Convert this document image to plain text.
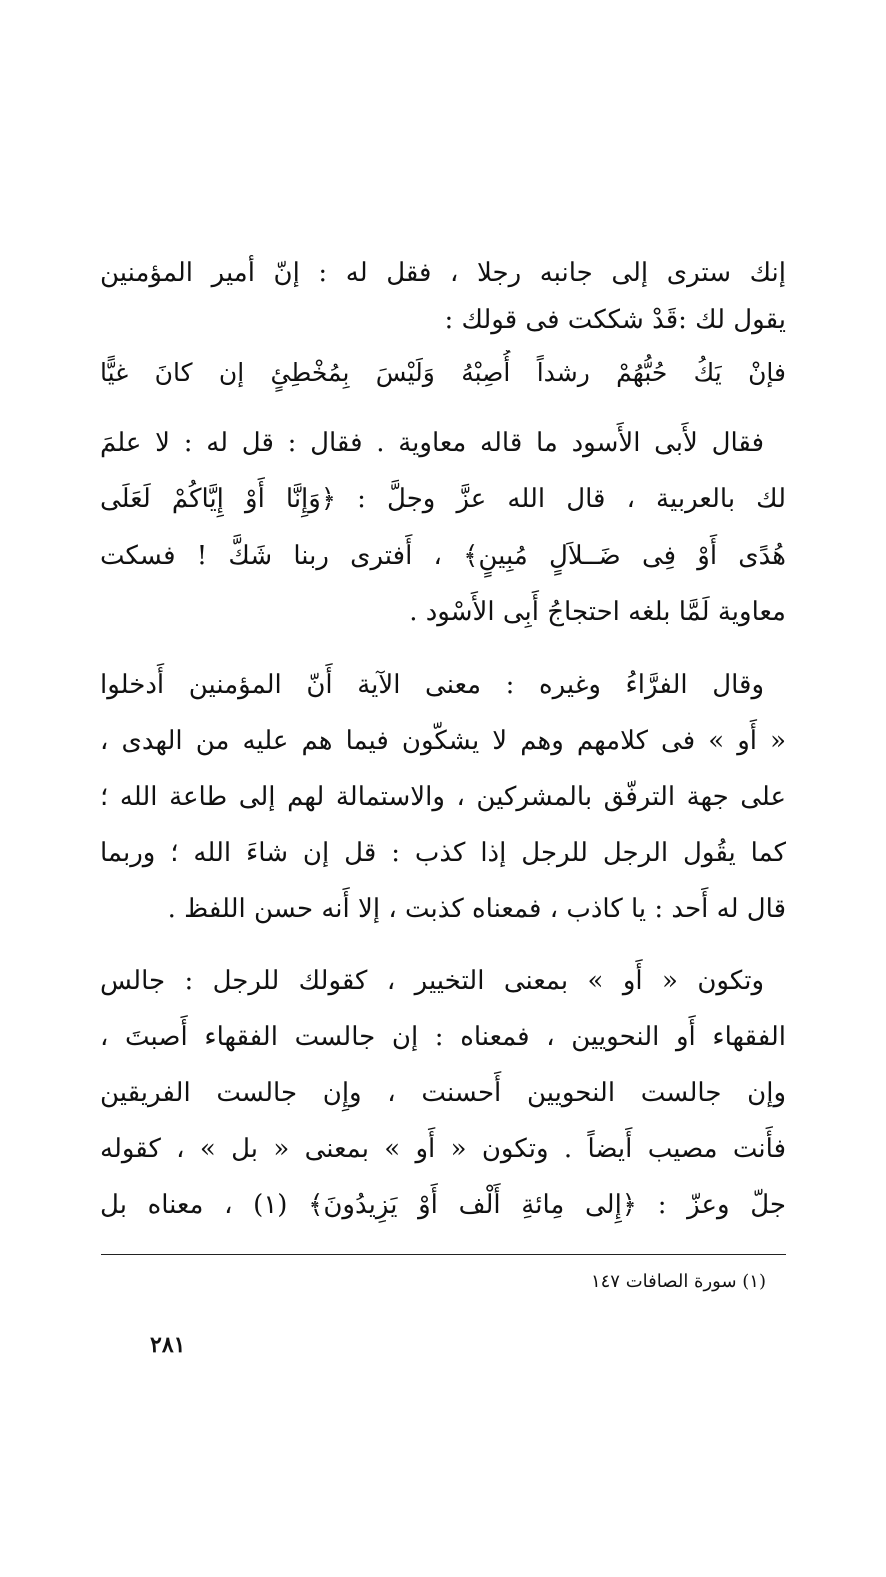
إنك سترى إلى جانبه رجلا ، فقل له : إنّ أمير المؤمنين
يقول لك :قَدْ شككت فى قولك :
فإنْ يَكُ حُبُّهُمْ رشداً أُصِبْهُ وَلَيْسَ بِمُخْطِئٍ إن كانَ غيًّا
فقال لأَبى الأَسود ما قاله معاوية . فقال : قل له : لا علمَ
لك بالعربية ، قال الله عزَّ وجلَّ : ﴿وَإِنَّا أَوْ إِيَّاكُمْ لَعَلَى
هُدًى أَوْ فِى ضَــلاَلٍ مُبِينٍ﴾ ، أَفترى ربنا شَكَّ ! فسكت
معاوية لَمَّا بلغه احتجاجُ أَبِى الأَسْود .
وقال الفرَّاءُ وغيره : معنى الآية أَنّ المؤمنين أَدخلوا
« أَو » فى كلامهم وهم لا يشكّون فيما هم عليه من الهدى ،
على جهة الترفّق بالمشركين ، والاستمالة لهم إلى طاعة الله ؛
كما يقُول الرجل للرجل إذا كذب : قل إن شاءَ الله ؛ وربما
قال له أَحد : يا كاذب ، فمعناه كذبت ، إلا أَنه حسن اللفظ .
وتكون « أَو » بمعنى التخيير ، كقولك للرجل : جالس
الفقهاء أَو النحويين ، فمعناه : إن جالست الفقهاء أَصبتَ ،
وإن جالست النحويين أَحسنت ، وإِن جالست الفريقين
فأَنت مصيب أَيضاً . وتكون « أَو » بمعنى « بل » ، كقوله
جلّ وعزّ : ﴿إِلى مِائةِ أَلْف أَوْ يَزِيدُونَ﴾ (١) ، معناه بل
(١) سورة الصافات ١٤٧
٢٨١
